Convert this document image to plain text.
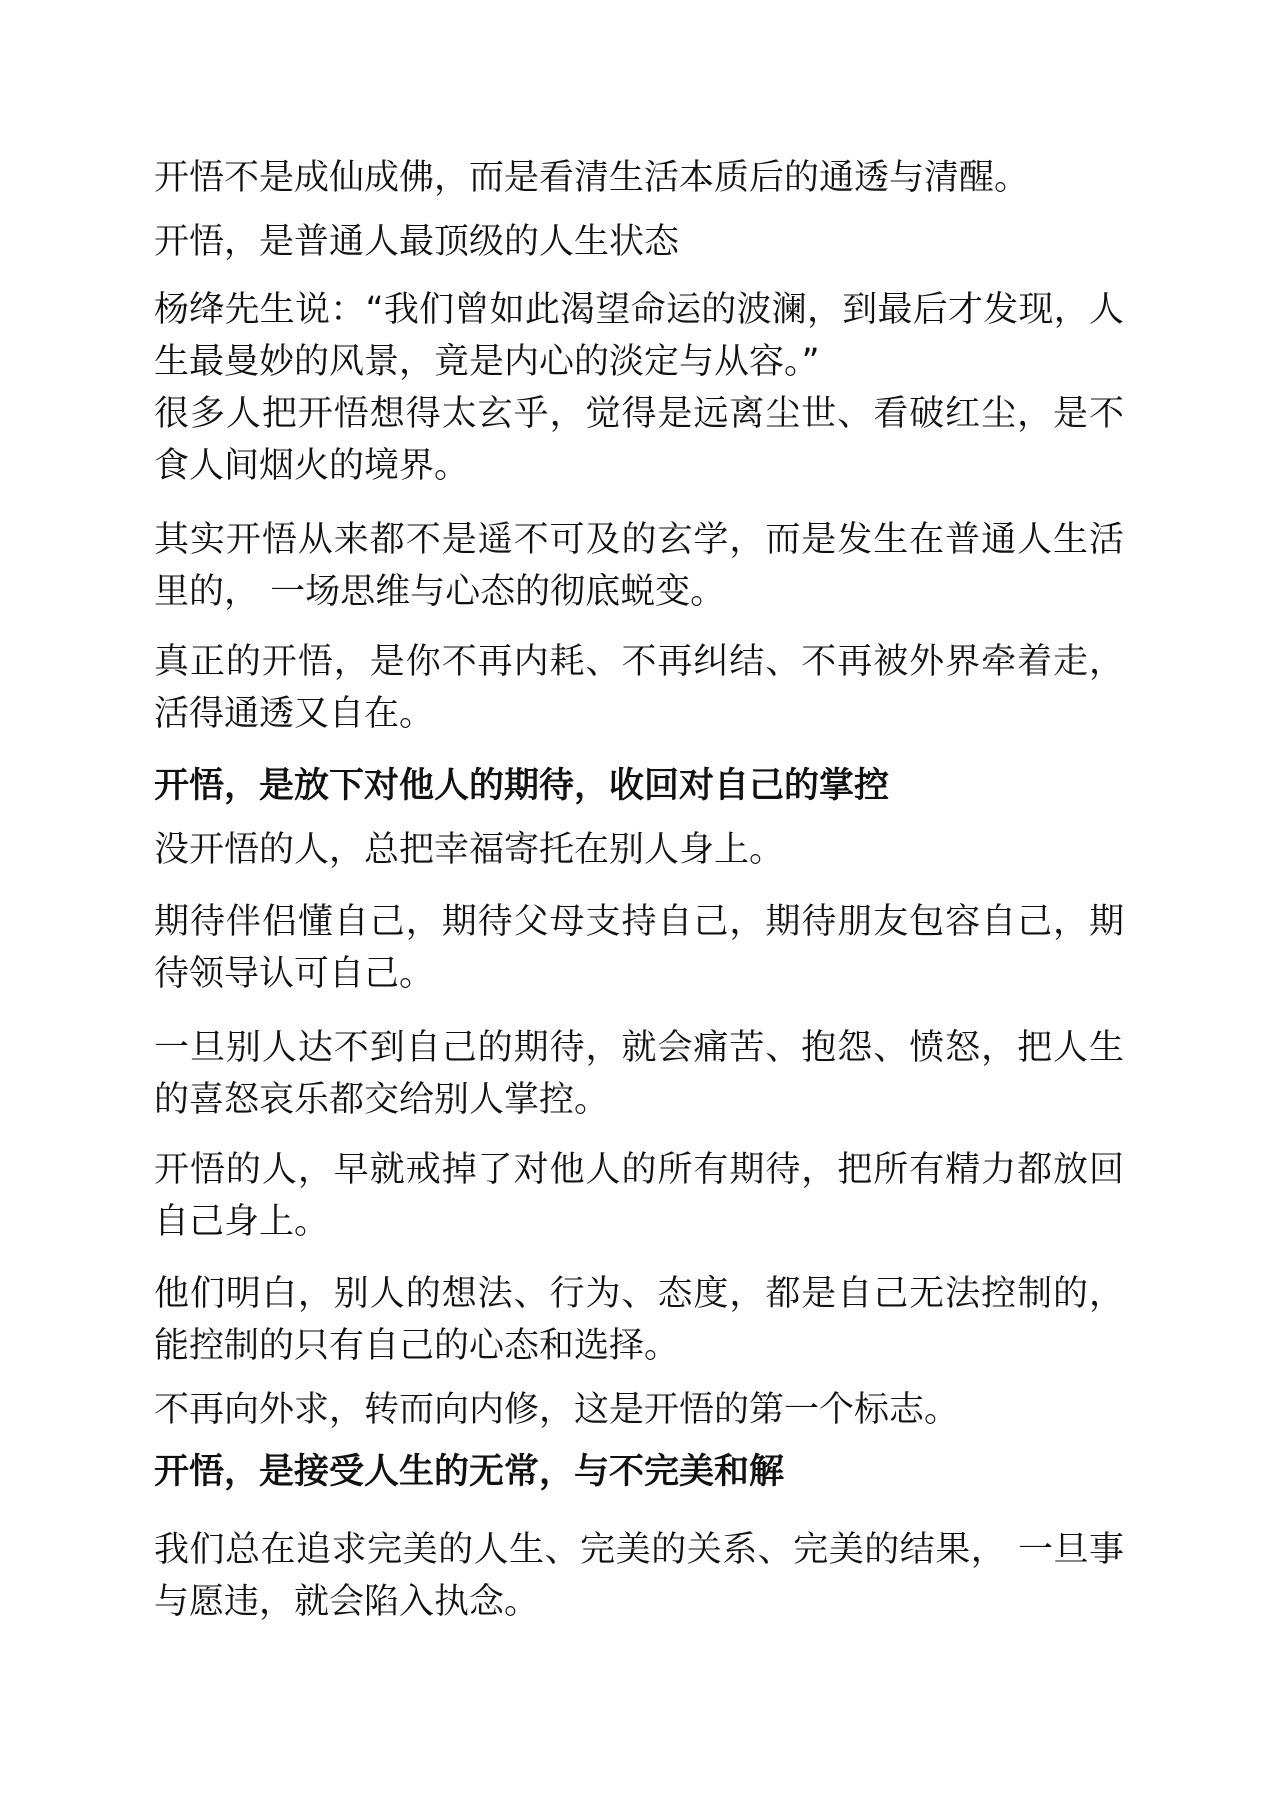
开悟不是成仙成佛，而是看清生活本质后的通透与清醒。

开悟，是普通人最顶级的人生状态

杨绛先生说：“我们曾如此渴望命运的波澜，到最后才发现，人生最曼妙的风景，竟是内心的淡定与从容。”

很多人把开悟想得太玄乎，觉得是远离尘世、看破红尘，是不食人间烟火的境界。

其实开悟从来都不是遥不可及的玄学，而是发生在普通人生活里的， 一场思维与心态的彻底蜕变。

真正的开悟，是你不再内耗、不再纠结、不再被外界牵着走，活得通透又自在。

开悟，是放下对他人的期待，收回对自己的掌控

没开悟的人，总把幸福寄托在别人身上。

期待伴侣懂自己，期待父母支持自己，期待朋友包容自己，期待领导认可自己。

一旦别人达不到自己的期待，就会痛苦、抱怨、愤怒，把人生的喜怒哀乐都交给别人掌控。

开悟的人，早就戒掉了对他人的所有期待，把所有精力都放回自己身上。

他们明白，别人的想法、行为、态度，都是自己无法控制的，能控制的只有自己的心态和选择。

不再向外求，转而向内修，这是开悟的第一个标志。

开悟，是接受人生的无常，与不完美和解

我们总在追求完美的人生、完美的关系、完美的结果， 一旦事与愿违，就会陷入执念。
